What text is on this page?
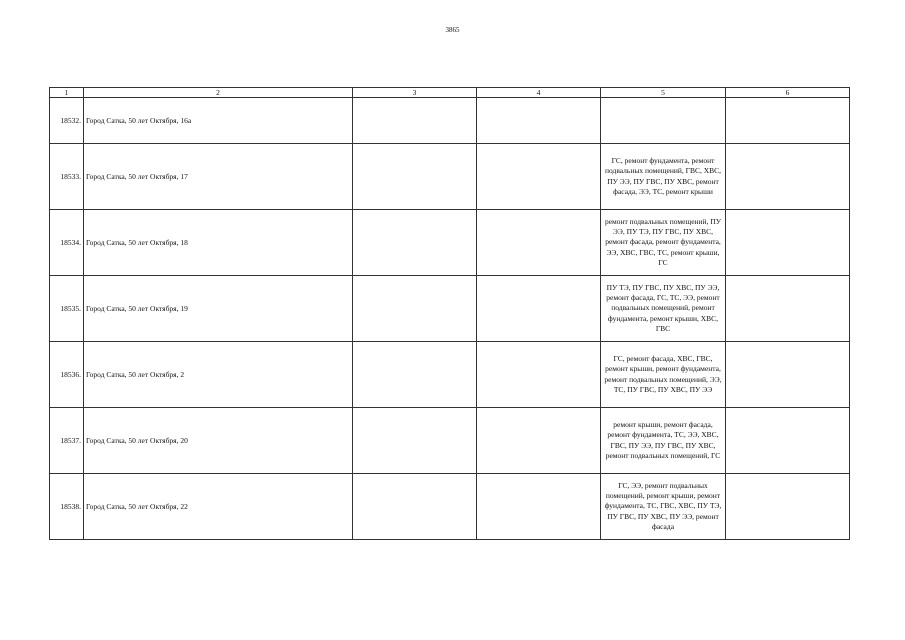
3865
1	2	3	4	5	6
18532.	Город Сатка, 50 лет Октября, 16а				
18533.	Город Сатка, 50 лет Октября, 17			ГС, ремонт фундамента, ремонт подвальных помещений, ГВС, ХВС, ПУ ЭЭ, ПУ ГВС, ПУ ХВС, ремонт фасада, ЭЭ, ТС, ремонт крыши	
18534.	Город Сатка, 50 лет Октября, 18			ремонт подвальных помещений, ПУ ЭЭ, ПУ ТЭ, ПУ ГВС, ПУ ХВС, ремонт фасада, ремонт фундамента, ЭЭ, ХВС, ГВС, ТС, ремонт крыши, ГС	
18535.	Город Сатка, 50 лет Октября, 19			ПУ ТЭ, ПУ ГВС, ПУ ХВС, ПУ ЭЭ, ремонт фасада, ГС, ТС, ЭЭ, ремонт подвальных помещений, ремонт фундамента, ремонт крыши, ХВС, ГВС	
18536.	Город Сатка, 50 лет Октября, 2			ГС, ремонт фасада, ХВС, ГВС, ремонт крыши, ремонт фундамента, ремонт подвальных помещений, ЭЭ, ТС, ПУ ГВС, ПУ ХВС, ПУ ЭЭ	
18537.	Город Сатка, 50 лет Октября, 20			ремонт крыши, ремонт фасада, ремонт фундамента, ТС, ЭЭ, ХВС, ГВС, ПУ ЭЭ, ПУ ГВС, ПУ ХВС, ремонт подвальных помещений, ГС	
18538.	Город Сатка, 50 лет Октября, 22			ГС, ЭЭ, ремонт подвальных помещений, ремонт крыши, ремонт фундамента, ТС, ГВС, ХВС, ПУ ТЭ, ПУ ГВС, ПУ ХВС, ПУ ЭЭ, ремонт фасада	
